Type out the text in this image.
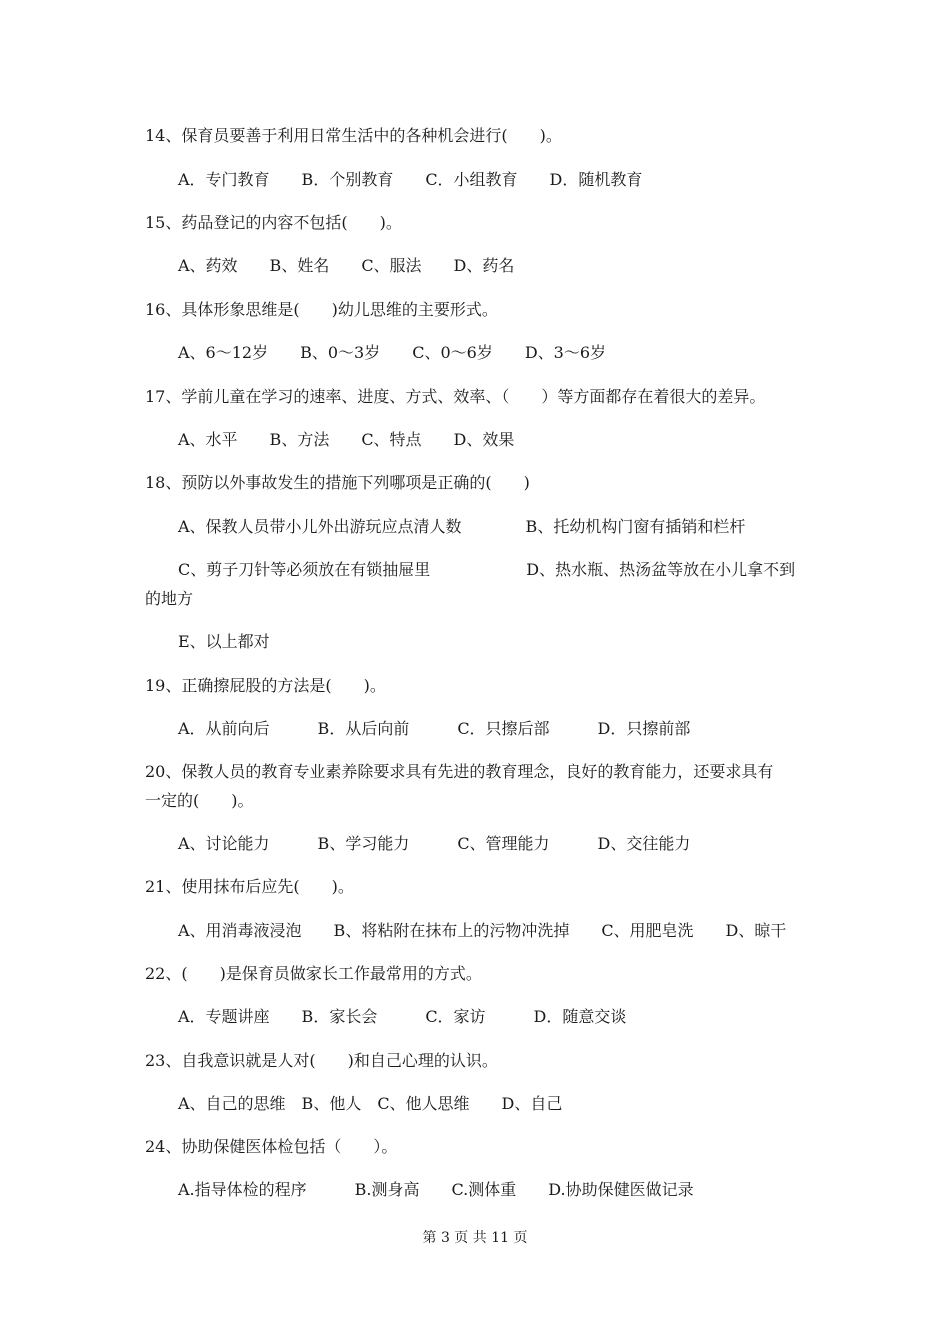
14、保育员要善于利用日常生活中的各种机会进行(　　)。
A．专门教育　　B．个别教育　　C．小组教育　　D．随机教育
15、药品登记的内容不包括(　　)。
A、药效　　B、姓名　　C、服法　　D、药名
16、具体形象思维是(　　)幼儿思维的主要形式。
A、6～12岁　　B、0～3岁　　C、0～6岁　　D、3～6岁
17、学前儿童在学习的速率、进度、方式、效率、（　　）等方面都存在着很大的差异。
A、水平　　B、方法　　C、特点　　D、效果
18、预防以外事故发生的措施下列哪项是正确的(　　)
A、保教人员带小儿外出游玩应点清人数　　　　B、托幼机构门窗有插销和栏杆
C、剪子刀针等必须放在有锁抽屉里　　　　　　D、热水瓶、热汤盆等放在小儿拿不到
的地方
E、以上都对
19、正确擦屁股的方法是(　　)。
A．从前向后　　　B．从后向前　　　C．只擦后部　　　D．只擦前部
20、保教人员的教育专业素养除要求具有先进的教育理念，良好的教育能力，还要求具有
一定的(　　)。
A、讨论能力　　　B、学习能力　　　C、管理能力　　　D、交往能力
21、使用抹布后应先(　　)。
A、用消毒液浸泡　　B、将粘附在抹布上的污物冲洗掉　　C、用肥皂洗　　D、晾干
22、(　　)是保育员做家长工作最常用的方式。
A．专题讲座　　B．家长会　　　C．家访　　　D．随意交谈
23、自我意识就是人对(　　)和自己心理的认识。
A、自己的思维　B、他人　C、他人思维　　D、自己
24、协助保健医体检包括（　　）。
A.指导体检的程序　　　B.测身高　　C.测体重　　D.协助保健医做记录
第 3 页 共 11 页
